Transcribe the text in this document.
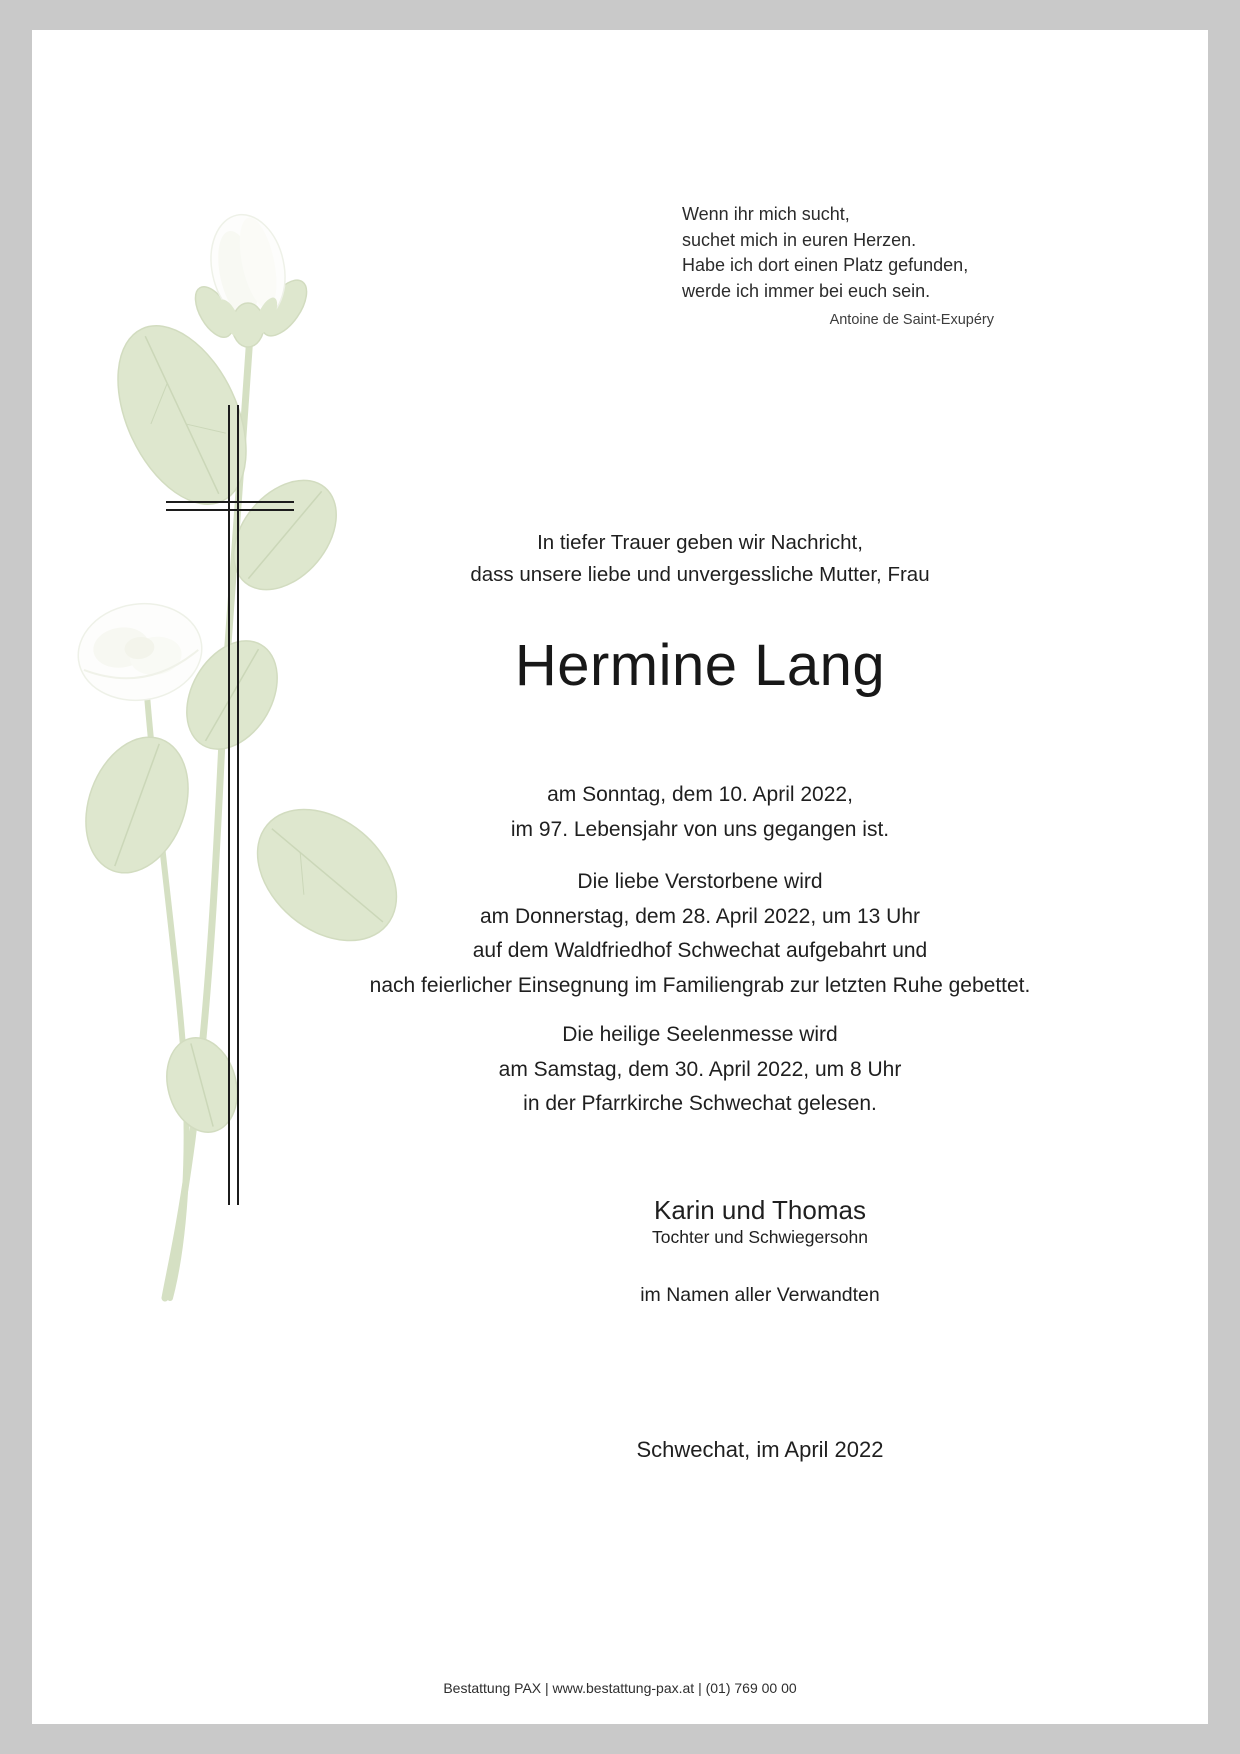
Wenn ihr mich sucht,
suchet mich in euren Herzen.
Habe ich dort einen Platz gefunden,
werde ich immer bei euch sein.
Antoine de Saint-Exupéry
In tiefer Trauer geben wir Nachricht,
dass unsere liebe und unvergessliche Mutter, Frau
Hermine Lang
am Sonntag, dem 10. April 2022,
im 97. Lebensjahr von uns gegangen ist.
Die liebe Verstorbene wird
am Donnerstag, dem 28. April 2022, um 13 Uhr
auf dem Waldfriedhof Schwechat aufgebahrt und
nach feierlicher Einsegnung im Familiengrab zur letzten Ruhe gebettet.
Die heilige Seelenmesse wird
am Samstag, dem 30. April 2022, um 8 Uhr
in der Pfarrkirche Schwechat gelesen.
Karin und Thomas
Tochter und Schwiegersohn
im Namen aller Verwandten
Schwechat, im April 2022
Bestattung PAX | www.bestattung-pax.at | (01) 769 00 00
